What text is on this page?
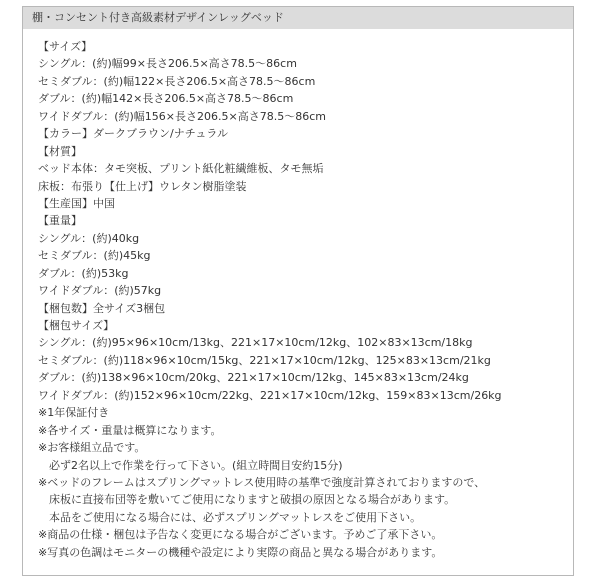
棚・コンセント付き高級素材デザインレッグベッド
【サイズ】
シングル：(約)幅99×長さ206.5×高さ78.5～86cm
セミダブル：(約)幅122×長さ206.5×高さ78.5～86cm
ダブル：(約)幅142×長さ206.5×高さ78.5～86cm
ワイドダブル：(約)幅156×長さ206.5×高さ78.5～86cm
【カラー】ダークブラウン/ナチュラル
【材質】
ベッド本体：タモ突板、プリント紙化粧繊維板、タモ無垢
床板：布張り【仕上げ】ウレタン樹脂塗装
【生産国】中国
【重量】
シングル：(約)40kg
セミダブル：(約)45kg
ダブル：(約)53kg
ワイドダブル：(約)57kg
【梱包数】全サイズ3梱包
【梱包サイズ】
シングル：(約)95×96×10cm/13kg、221×17×10cm/12kg、102×83×13cm/18kg
セミダブル：(約)118×96×10cm/15kg、221×17×10cm/12kg、125×83×13cm/21kg
ダブル：(約)138×96×10cm/20kg、221×17×10cm/12kg、145×83×13cm/24kg
ワイドダブル：(約)152×96×10cm/22kg、221×17×10cm/12kg、159×83×13cm/26kg
※1年保証付き
※各サイズ・重量は概算になります。
※お客様組立品です。
　必ず2名以上で作業を行って下さい。(組立時間目安約15分)
※ベッドのフレームはスプリングマットレス使用時の基準で強度計算されておりますので、
　床板に直接布団等を敷いてご使用になりますと破損の原因となる場合があります。
　本品をご使用になる場合には、必ずスプリングマットレスをご使用下さい。
※商品の仕様・梱包は予告なく変更になる場合がございます。予めご了承下さい。
※写真の色調はモニターの機種や設定により実際の商品と異なる場合があります。
